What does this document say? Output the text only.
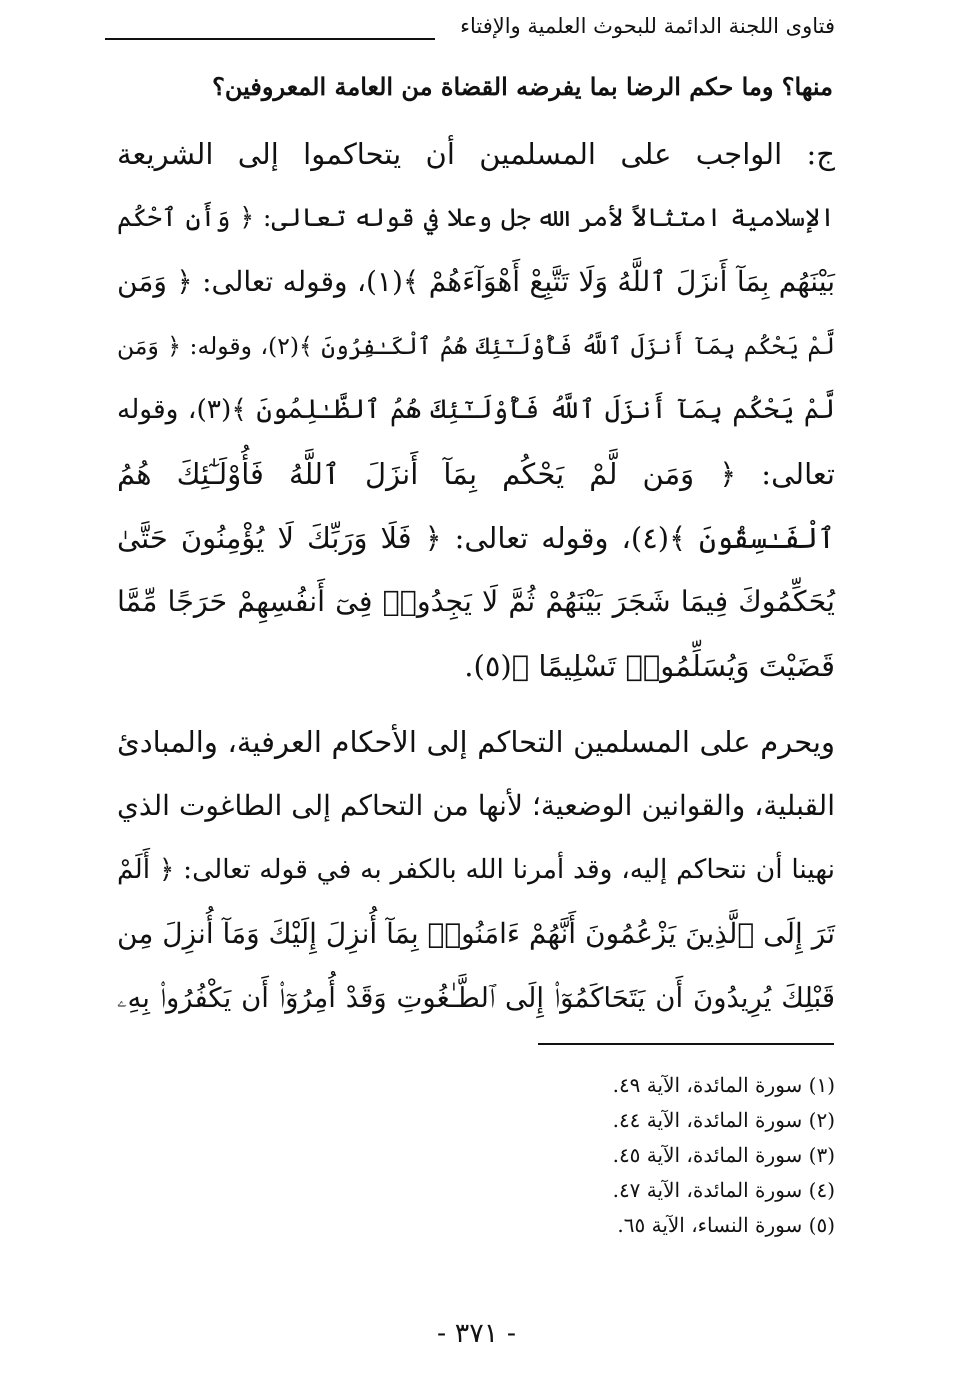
فتاوى اللجنة الدائمة للبحوث العلمية والإفتاء
منها؟ وما حكم الرضا بما يفرضه القضاة من العامة المعروفين؟
ج: الواجب على المسلمين أن يتحاكموا إلى الشريعة
الإسلامية امتثالاً لأمر الله جل وعلا في قوله تعالى: ﴿ وَأَنِ ٱحْكُم
بَيْنَهُم بِمَآ أَنزَلَ ٱللَّهُ وَلَا تَتَّبِعْ أَهْوَآءَهُمْ ﴾(١)، وقوله تعالى: ﴿ وَمَن
لَّمْ يَحْكُم بِمَآ أَنزَلَ ٱللَّهُ فَأُوْلَـٰٓئِكَ هُمُ ٱلْكَـٰفِرُونَ ﴾(٢)، وقوله: ﴿ وَمَن
لَّمْ يَحْكُم بِمَآ أَنزَلَ ٱللَّهُ فَأُوْلَـٰٓئِكَ هُمُ ٱلظَّـٰلِمُونَ ﴾(٣)، وقوله
تعالى: ﴿ وَمَن لَّمْ يَحْكُم بِمَآ أَنزَلَ ٱللَّهُ فَأُوْلَـٰٓئِكَ هُمُ
ٱلْفَـٰسِقُونَ ﴾(٤)، وقوله تعالى: ﴿ فَلَا وَرَبِّكَ لَا يُؤْمِنُونَ حَتَّىٰ
يُحَكِّمُوكَ فِيمَا شَجَرَ بَيْنَهُمْ ثُمَّ لَا يَجِدُوا۟ فِىٓ أَنفُسِهِمْ حَرَجًا مِّمَّا
قَضَيْتَ وَيُسَلِّمُوا۟ تَسْلِيمًا ﴾(٥).
ويحرم على المسلمين التحاكم إلى الأحكام العرفية، والمبادئ
القبلية، والقوانين الوضعية؛ لأنها من التحاكم إلى الطاغوت الذي
نهينا أن نتحاكم إليه، وقد أمرنا الله بالكفر به في قوله تعالى: ﴿ أَلَمْ
تَرَ إِلَى ٱلَّذِينَ يَزْعُمُونَ أَنَّهُمْ ءَامَنُوا۟ بِمَآ أُنزِلَ إِلَيْكَ وَمَآ أُنزِلَ مِن
قَبْلِكَ يُرِيدُونَ أَن يَتَحَاكَمُوٓا۟ إِلَى ٱلطَّـٰغُوتِ وَقَدْ أُمِرُوٓا۟ أَن يَكْفُرُوا۟ بِهِۦ
(١) سورة المائدة، الآية ٤٩.
(٢) سورة المائدة، الآية ٤٤.
(٣) سورة المائدة، الآية ٤٥.
(٤) سورة المائدة، الآية ٤٧.
(٥) سورة النساء، الآية ٦٥.
- ٣٧١ -
